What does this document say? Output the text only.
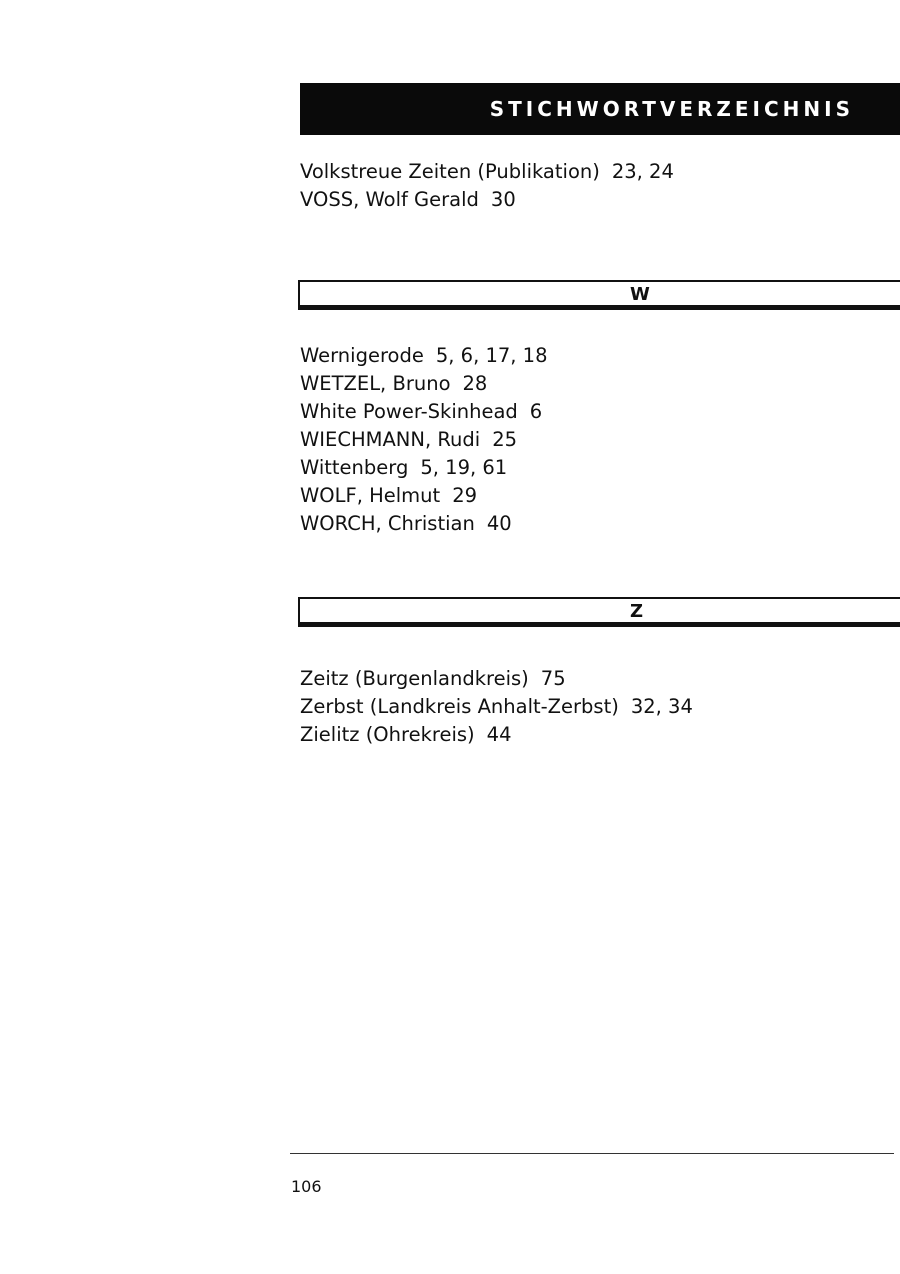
STICHWORTVERZEICHNIS
Volkstreue Zeiten (Publikation) 23, 24
VOSS, Wolf Gerald 30
W
Wernigerode 5, 6, 17, 18
WETZEL, Bruno 28
White Power-Skinhead 6
WIECHMANN, Rudi 25
Wittenberg 5, 19, 61
WOLF, Helmut 29
WORCH, Christian 40
Z
Zeitz (Burgenlandkreis) 75
Zerbst (Landkreis Anhalt-Zerbst) 32, 34
Zielitz (Ohrekreis) 44
106
